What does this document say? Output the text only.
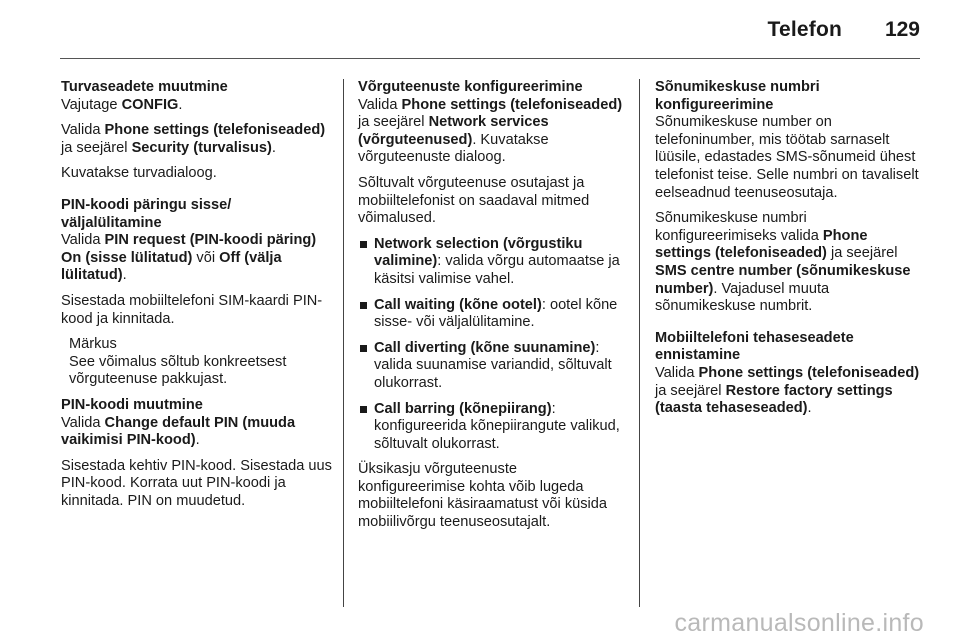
Telefon 129
Turvaseadete muutmine

Vajutage CONFIG.

Valida Phone settings (telefoniseaded) ja seejärel Security (turvalisus).

Kuvatakse turvadialoog.

PIN-koodi päringu sisse/ väljalülitamine

Valida PIN request (PIN-koodi päring) On (sisse lülitatud) või Off (välja lülitatud).

Sisestada mobiiltelefoni SIM-kaardi PIN-kood ja kinnitada.

Märkus
See võimalus sõltub konkreetsest võrguteenuse pakkujast.
PIN-koodi muutmine

Valida Change default PIN (muuda vaikimisi PIN-kood).

Sisestada kehtiv PIN-kood. Sisestada uus PIN-kood. Korrata uut PIN-koodi ja kinnitada. PIN on muudetud.

Võrguteenuste konfigureerimine

Valida Phone settings (telefoniseaded) ja seejärel Network services (võrguteenused). Kuvatakse võrguteenuste dialoog.

Sõltuvalt võrguteenuse osutajast ja mobiiltelefonist on saadaval mitmed võimalused.

Network selection (võrgustiku valimine): valida võrgu automaatse ja käsitsi valimise vahel.
Call waiting (kõne ootel): ootel kõne sisse- või väljalülitamine.
Call diverting (kõne suunamine): valida suunamise variandid, sõltuvalt olukorrast.
Call barring (kõnepiirang): konfigureerida kõnepiirangute valikud, sõltuvalt olukorrast.

Üksikasju võrguteenuste konfigureerimise kohta võib lugeda mobiiltelefoni käsiraamatust või küsida mobiilivõrgu teenuseosutajalt.

Sõnumikeskuse numbri konfigureerimine

Sõnumikeskuse number on telefoninumber, mis töötab sarnaselt lüüsile, edastades SMS-sõnumeid ühest telefonist teise. Selle numbri on tavaliselt eelseadnud teenuseosutaja.

Sõnumikeskuse numbri konfigureerimiseks valida Phone settings (telefoniseaded) ja seejärel SMS centre number (sõnumikeskuse number). Vajadusel muuta sõnumikeskuse numbrit.

Mobiiltelefoni tehaseseadete ennistamine

Valida Phone settings (telefoniseaded) ja seejärel Restore factory settings (taasta tehaseseaded).

carmanualsonline.info
